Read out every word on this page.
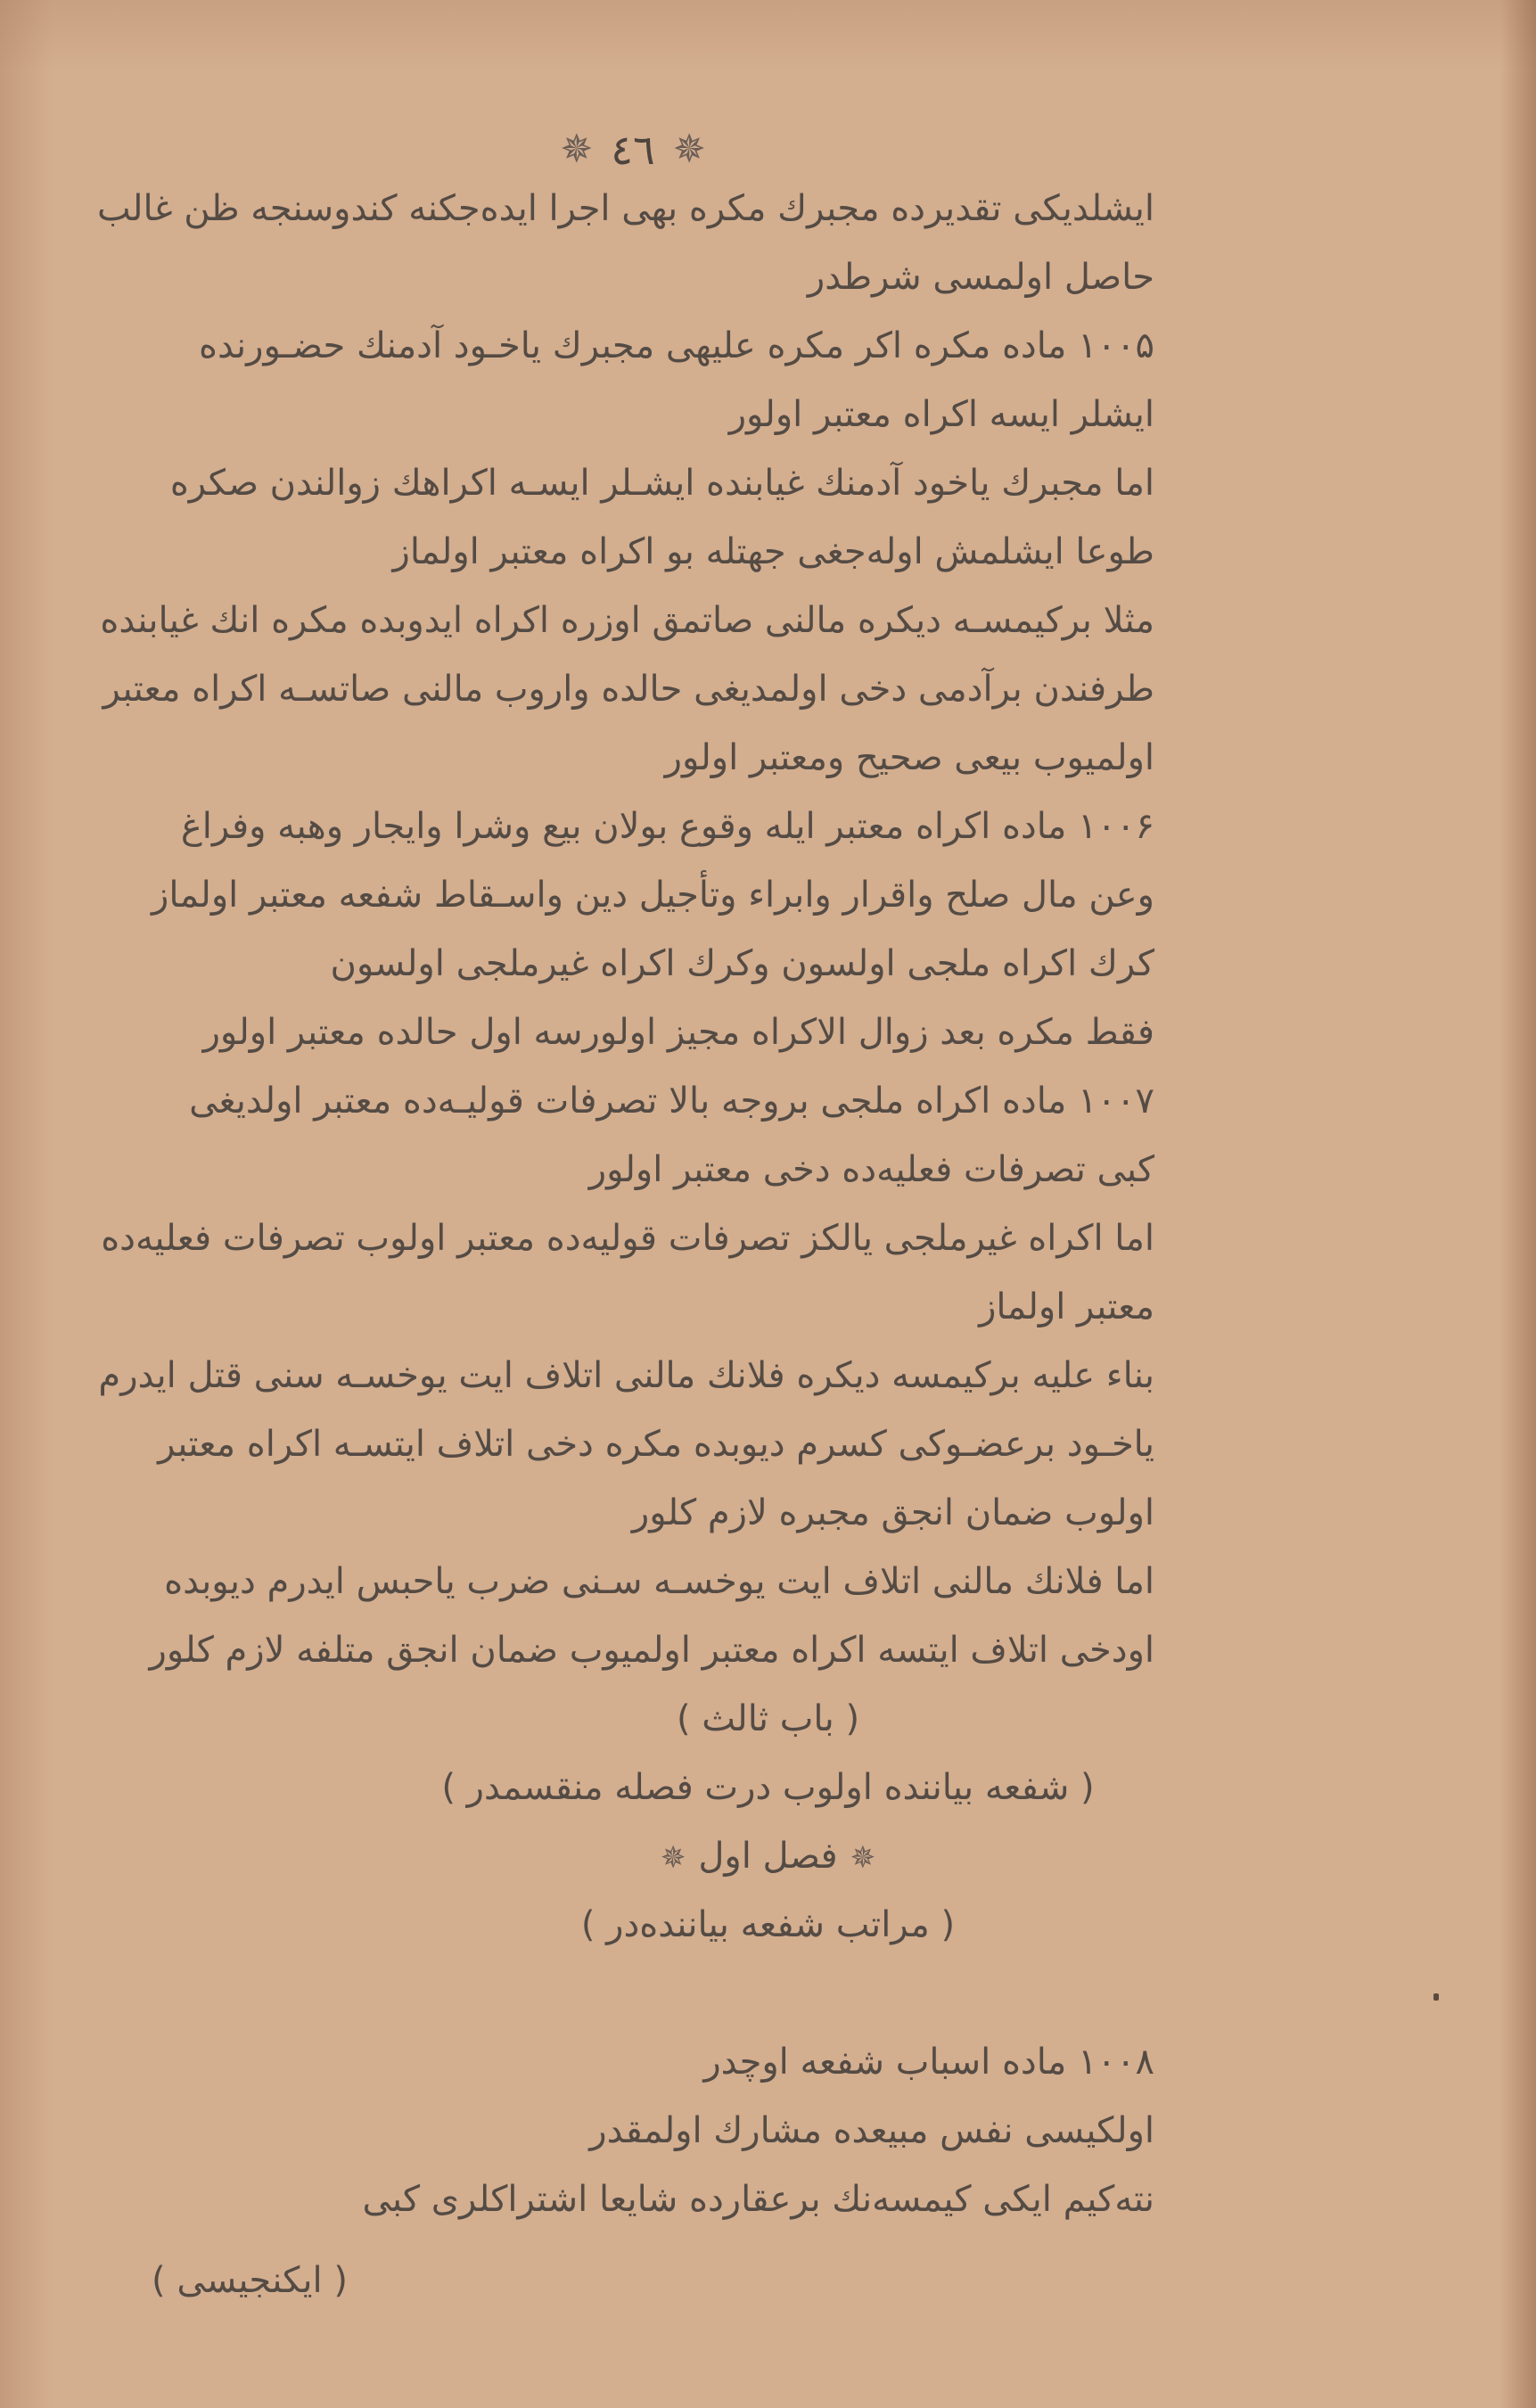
✵ ٤٦ ✵
ایشلدیکی تقدیرده مجبرك مكره بهی اجرا ایده‌جکنه کندوسنجه ظن غالب
حاصل اولمسی شرطدر
۱۰۰۵ ماده مكره اکر مكره علیهی مجبرك یاخـود آدمنك حضـورنده
ایشلر ایسه اکراه معتبر اولور
اما مجبرك یاخود آدمنك غیابنده ایشـلر ایسـه اکراهك زوالندن صکره
طوعا ایشلمش اوله‌جغی جهتله بو اکراه معتبر اولماز
مثلا برکیمسـه دیکره مالنی صاتمق اوزره اکراه ایدوبده مكره انك غیابنده
طرفندن برآدمی دخی اولمدیغی حالده واروب مالنی صاتسـه اکراه معتبر
اولمیوب بیعی صحیح ومعتبر اولور
۱۰۰۶ ماده اکراه معتبر ایله وقوع بولان بیع وشرا وایجار وهبه وفراغ
وعن مال صلح واقرار وابراء وتأجیل دین واسـقاط شفعه معتبر اولماز
کرك اکراه ملجی اولسون وکرك اکراه غیرملجی اولسون
فقط مكره بعد زوال الاکراه مجیز اولورسه اول حالده معتبر اولور
۱۰۰۷ ماده اکراه ملجی بروجه بالا تصرفات قولیـه‌ده معتبر اولدیغی
کبی تصرفات فعلیه‌ده دخی معتبر اولور
اما اکراه غیرملجی یالکز تصرفات قولیه‌ده معتبر اولوب تصرفات فعلیه‌ده
معتبر اولماز
بناء علیه برکیمسه دیکره فلانك مالنی اتلاف ایت یوخسـه سنی قتل ایدرم
یاخـود برعضـوکی کسرم دیوبده مكره دخی اتلاف ایتسـه اکراه معتبر
اولوب ضمان انجق مجبره لازم کلور
اما فلانك مالنی اتلاف ایت یوخسـه سـنی ضرب یاحبس ایدرم دیوبده
اودخی اتلاف ایتسه اکراه معتبر اولمیوب ضمان انجق متلفه لازم کلور
( باب ثالث )
( شفعه بیاننده اولوب درت فصله منقسمدر )
✵فصل اول✵
( مراتب شفعه بیاننده‌در )
۱۰۰۸ ماده اسباب شفعه اوچدر
اولکیسی نفس مبیعده مشارك اولمقدر
نته‌کیم ایکی کیمسه‌نك برعقارده شایعا اشتراکلری کبی
( ایکنجیسی )
